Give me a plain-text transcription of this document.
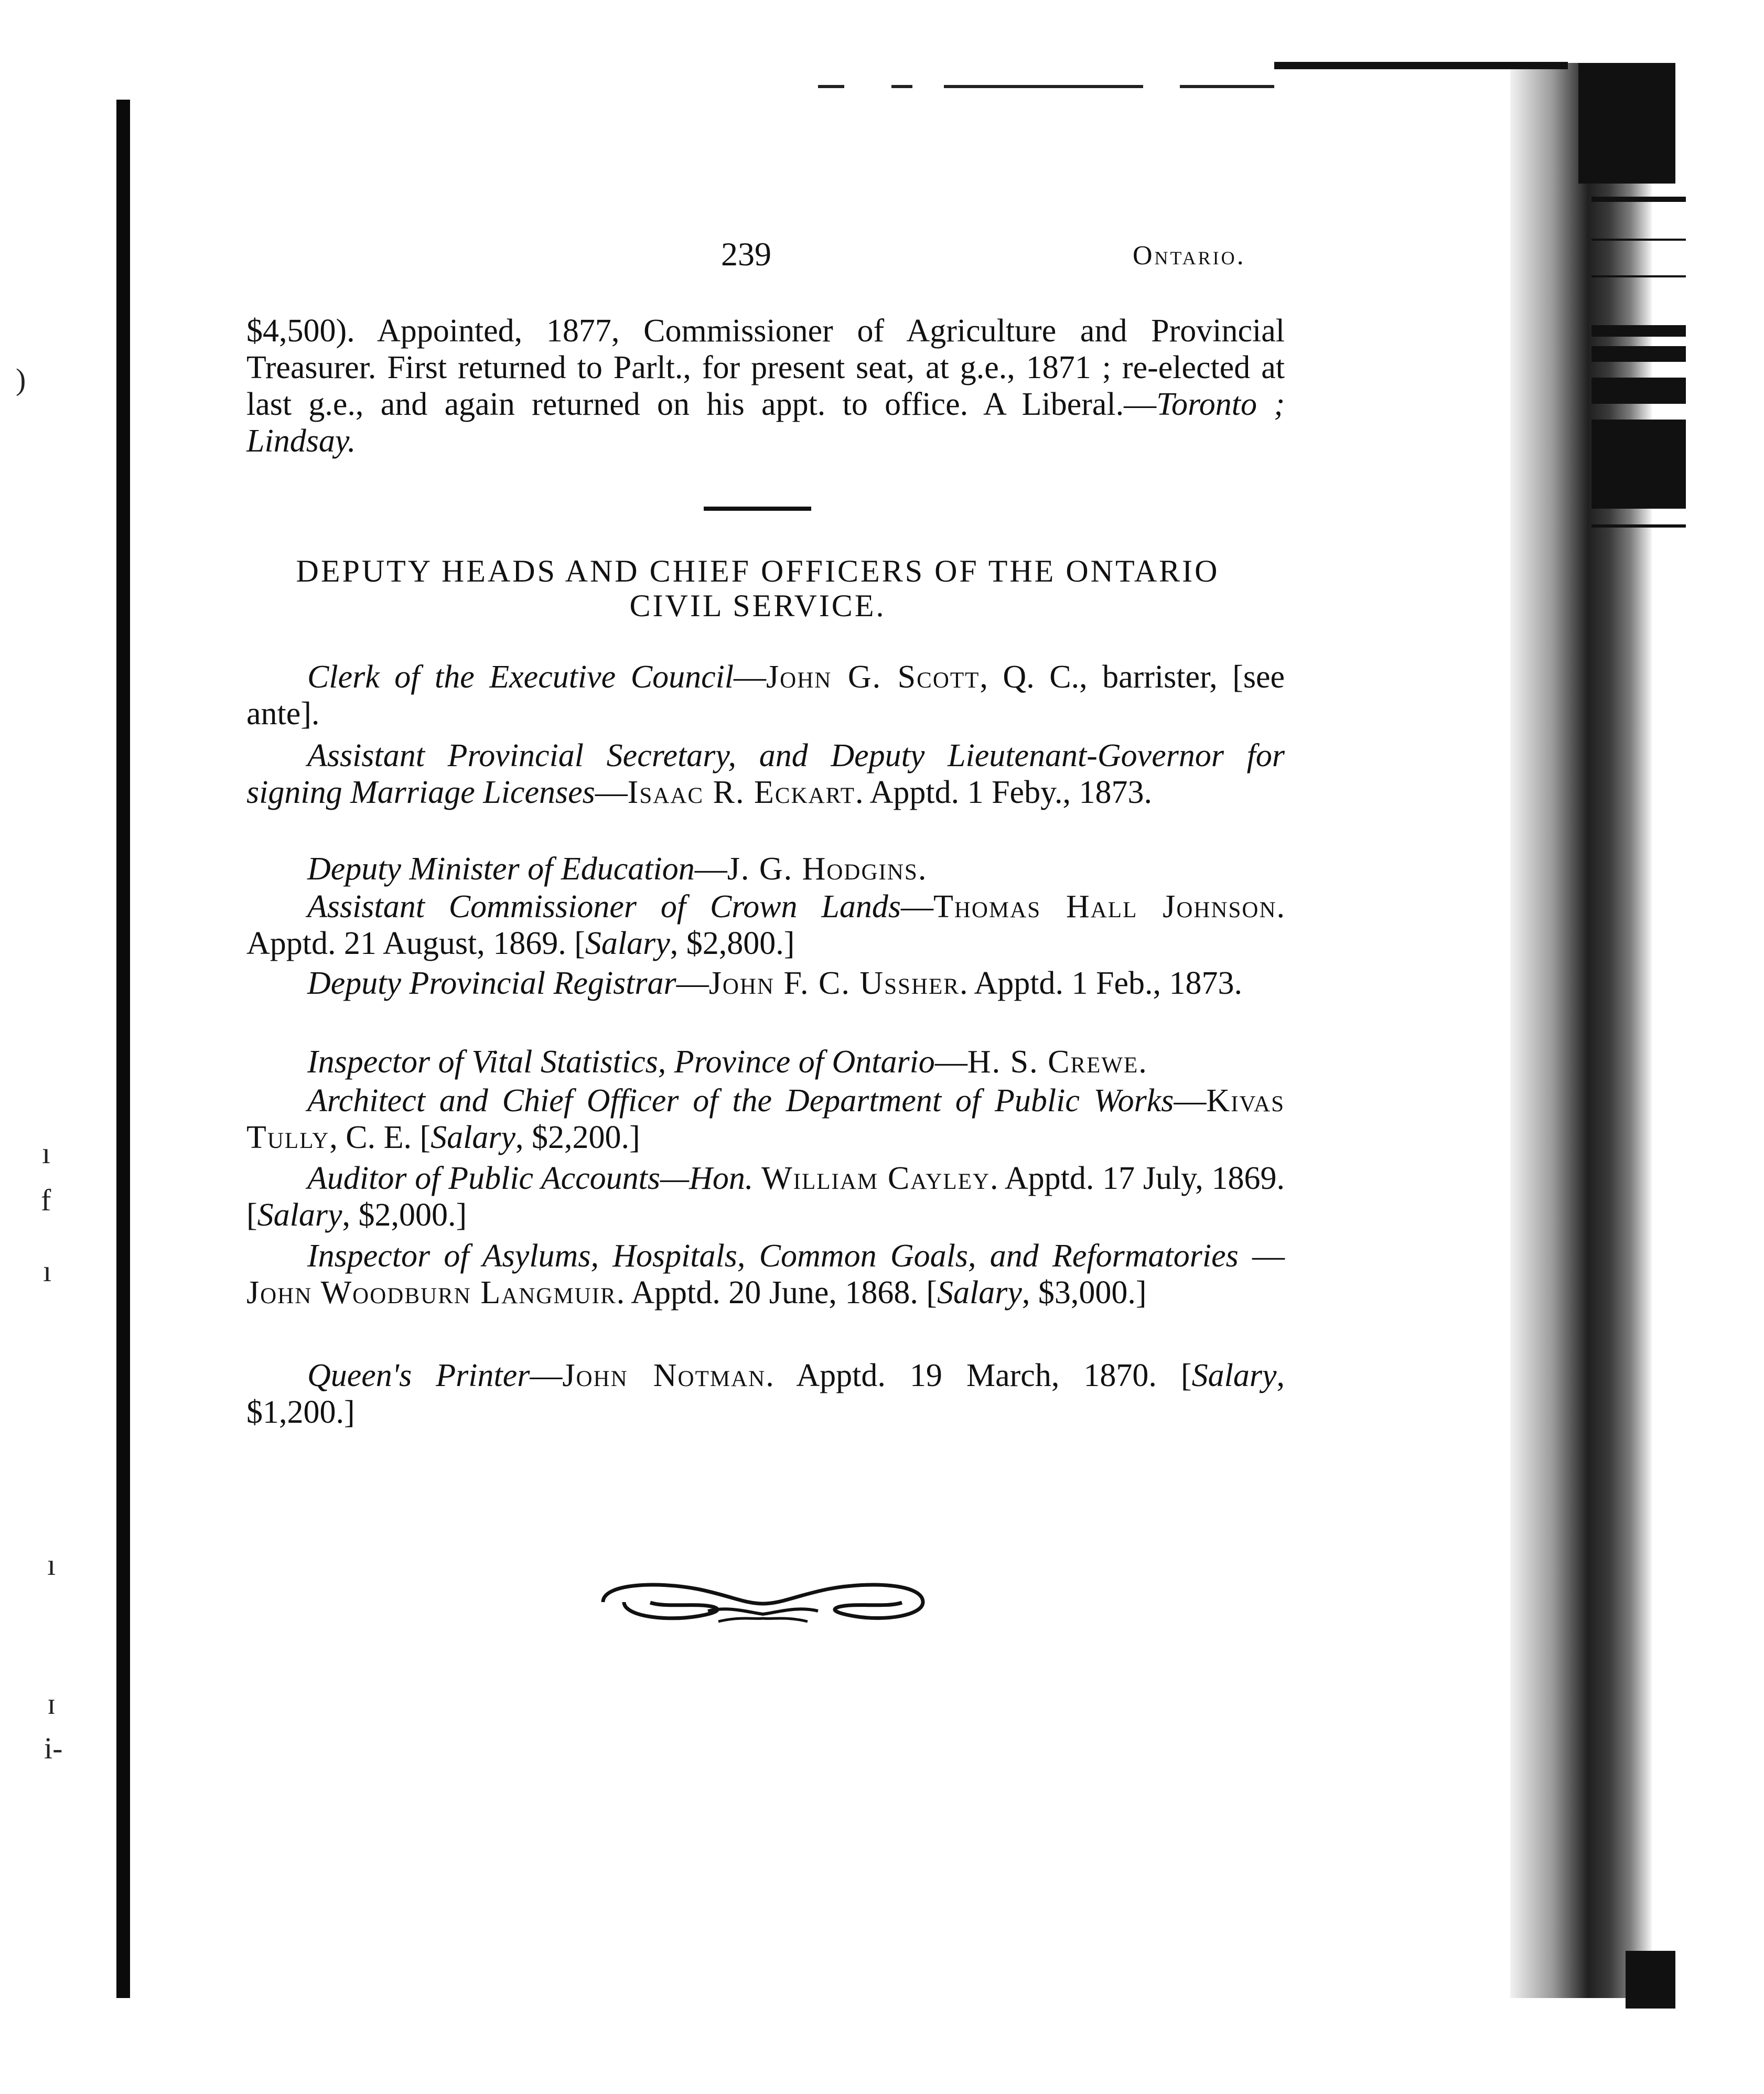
)
ı
f
ı
ı
ɪ
i-
239	Ontario.
$4,500). Appointed, 1877, Commissioner of Agriculture and Provincial Treasurer. First returned to Parlt., for present seat, at g.e., 1871 ; re-elected at last g.e., and again returned on his appt. to office. A Liberal.—Toronto ; Lindsay.
DEPUTY HEADS AND CHIEF OFFICERS OF THE ONTARIO
CIVIL SERVICE.
Clerk of the Executive Council—John G. Scott, Q. C., barrister, [see ante].
Assistant Provincial Secretary, and Deputy Lieutenant-Governor for signing Marriage Licenses—Isaac R. Eckart. Apptd. 1 Feby., 1873.
Deputy Minister of Education—J. G. Hodgins.
Assistant Commissioner of Crown Lands—Thomas Hall Johnson. Apptd. 21 August, 1869. [Salary, $2,800.]
Deputy Provincial Registrar—John F. C. Ussher. Apptd. 1 Feb., 1873.
Inspector of Vital Statistics, Province of Ontario—H. S. Crewe.
Architect and Chief Officer of the Department of Public Works—Kivas Tully, C. E. [Salary, $2,200.]
Auditor of Public Accounts—Hon. William Cayley. Apptd. 17 July, 1869. [Salary, $2,000.]
Inspector of Asylums, Hospitals, Common Goals, and Reformatories —John Woodburn Langmuir. Apptd. 20 June, 1868. [Salary, $3,000.]
Queen's Printer—John Notman. Apptd. 19 March, 1870. [Salary, $1,200.]
